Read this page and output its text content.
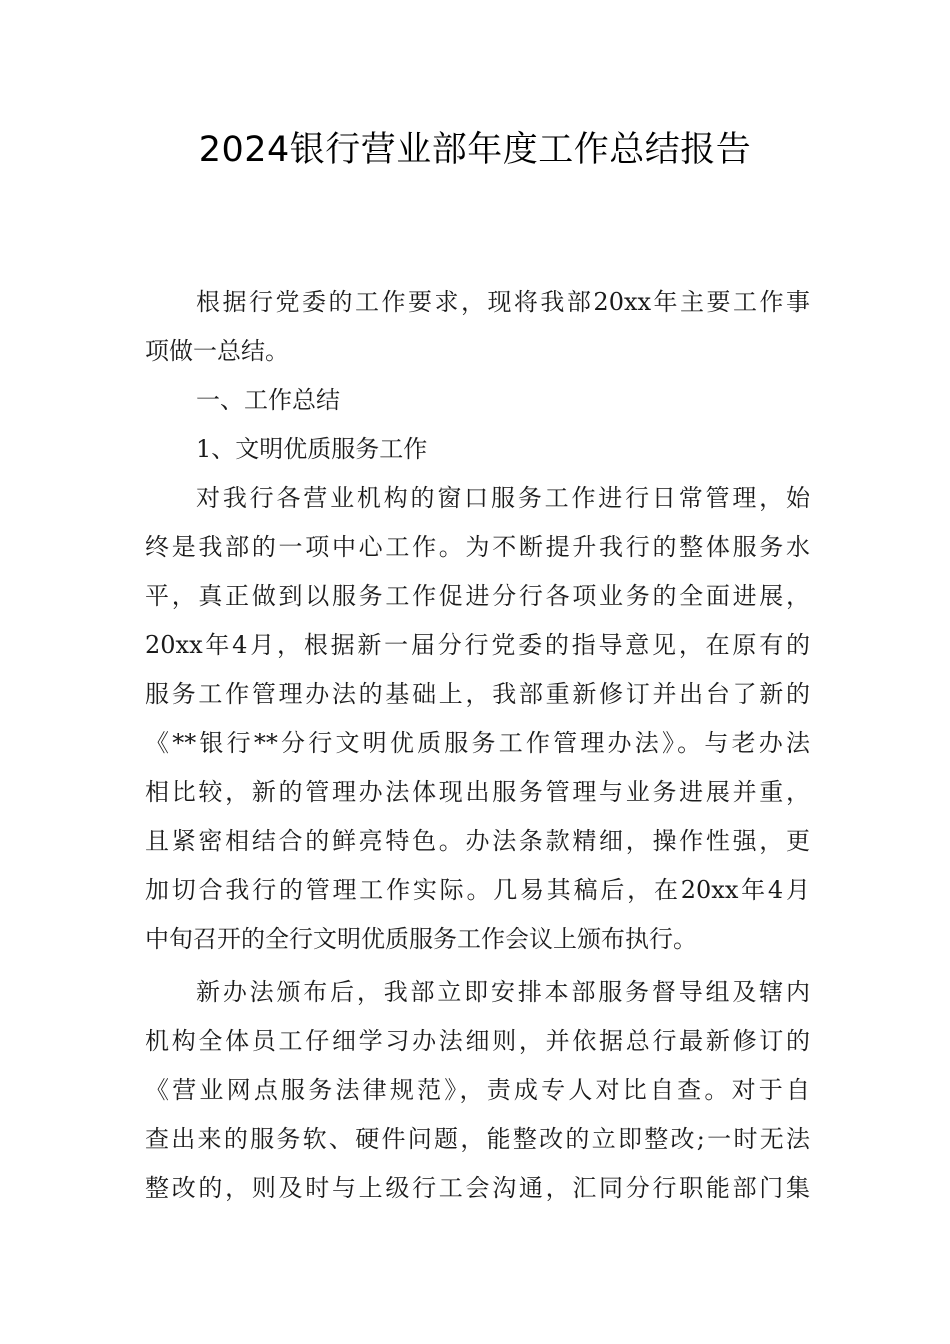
2024银行营业部年度工作总结报告
根据行党委的工作要求，现将我部20xx年主要工作事
项做一总结。
一、工作总结
1、文明优质服务工作
对我行各营业机构的窗口服务工作进行日常管理，始
终是我部的一项中心工作。为不断提升我行的整体服务水
平，真正做到以服务工作促进分行各项业务的全面进展，
20xx年4月，根据新一届分行党委的指导意见，在原有的
服务工作管理办法的基础上，我部重新修订并出台了新的
《**银行**分行文明优质服务工作管理办法》。与老办法
相比较，新的管理办法体现出服务管理与业务进展并重，
且紧密相结合的鲜亮特色。办法条款精细，操作性强，更
加切合我行的管理工作实际。几易其稿后，在20xx年4月
中旬召开的全行文明优质服务工作会议上颁布执行。
新办法颁布后，我部立即安排本部服务督导组及辖内
机构全体员工仔细学习办法细则，并依据总行最新修订的
《营业网点服务法律规范》，责成专人对比自查。对于自
查出来的服务软、硬件问题，能整改的立即整改;一时无法
整改的，则及时与上级行工会沟通，汇同分行职能部门集
